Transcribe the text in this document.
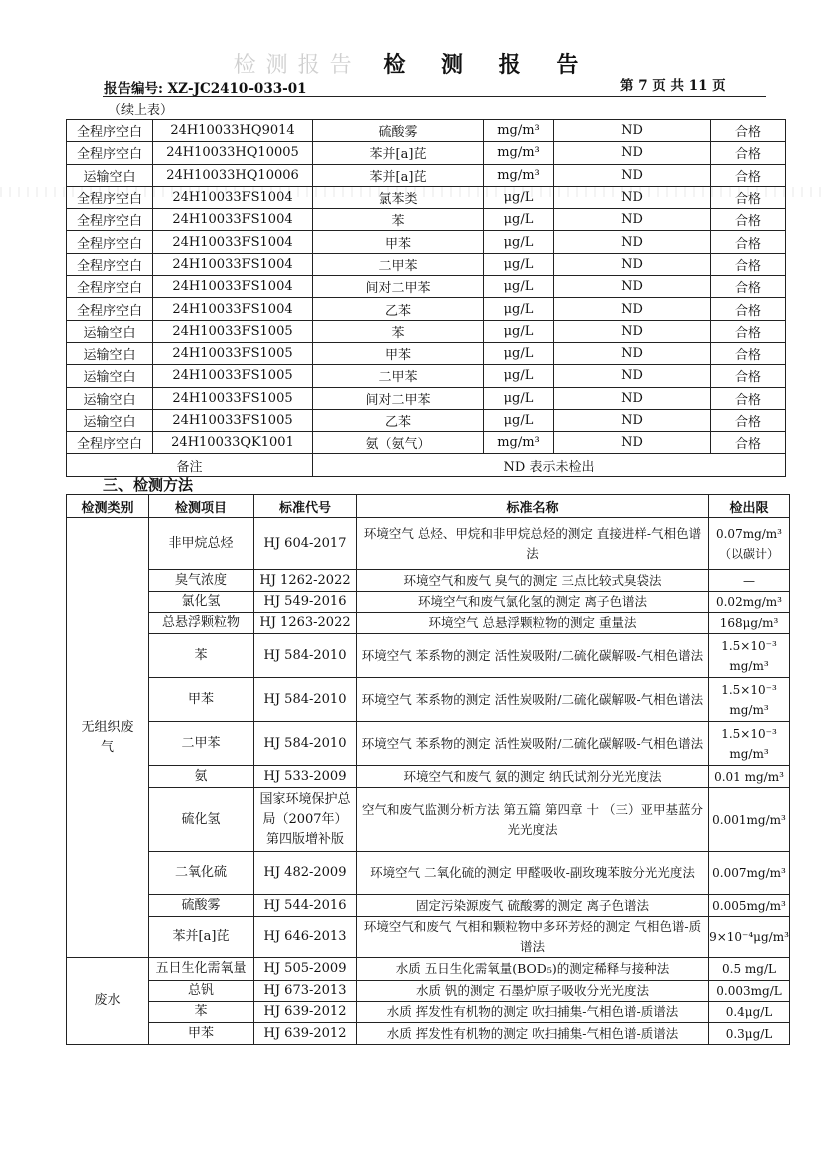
检测报告 检 测 报 告
报告编号: XZ-JC2410-033-01	第 7 页 共 11 页
（续上表）
全程序空白	24H10033HQ9014	硫酸雾	mg/m³	ND	合格
全程序空白	24H10033HQ10005	苯并[a]芘	mg/m³	ND	合格
运输空白	24H10033HQ10006	苯并[a]芘	mg/m³	ND	合格
全程序空白	24H10033FS1004	氯苯类	μg/L	ND	合格
全程序空白	24H10033FS1004	苯	μg/L	ND	合格
全程序空白	24H10033FS1004	甲苯	μg/L	ND	合格
全程序空白	24H10033FS1004	二甲苯	μg/L	ND	合格
全程序空白	24H10033FS1004	间对二甲苯	μg/L	ND	合格
全程序空白	24H10033FS1004	乙苯	μg/L	ND	合格
运输空白	24H10033FS1005	苯	μg/L	ND	合格
运输空白	24H10033FS1005	甲苯	μg/L	ND	合格
运输空白	24H10033FS1005	二甲苯	μg/L	ND	合格
运输空白	24H10033FS1005	间对二甲苯	μg/L	ND	合格
运输空白	24H10033FS1005	乙苯	μg/L	ND	合格
全程序空白	24H10033QK1001	氨（氨气）	mg/m³	ND	合格
备注		ND 表示未检出			
三、检测方法
检测类别	检测项目	标准代号	标准名称	检出限
无组织废气	非甲烷总烃	HJ 604-2017	环境空气 总烃、甲烷和非甲烷总烃的测定 直接进样-气相色谱法	0.07mg/m³
（以碳计）
	臭气浓度	HJ 1262-2022	环境空气和废气 臭气的测定 三点比较式臭袋法	—
	氯化氢	HJ 549-2016	环境空气和废气氯化氢的测定 离子色谱法	0.02mg/m³
	总悬浮颗粒物	HJ 1263-2022	环境空气 总悬浮颗粒物的测定 重量法	168μg/m³
	苯	HJ 584-2010	环境空气 苯系物的测定 活性炭吸附/二硫化碳解吸-气相色谱法	1.5×10⁻³
mg/m³
	甲苯	HJ 584-2010	环境空气 苯系物的测定 活性炭吸附/二硫化碳解吸-气相色谱法	1.5×10⁻³
mg/m³
	二甲苯	HJ 584-2010	环境空气 苯系物的测定 活性炭吸附/二硫化碳解吸-气相色谱法	1.5×10⁻³
mg/m³
	氨	HJ 533-2009	环境空气和废气 氨的测定 纳氏试剂分光光度法	0.01 mg/m³
	硫化氢	国家环境保护总局（2007年）第四版增补版	空气和废气监测分析方法 第五篇 第四章 十 （三）亚甲基蓝分光光度法	0.001mg/m³
	二氧化硫	HJ 482-2009	环境空气 二氧化硫的测定 甲醛吸收-副玫瑰苯胺分光光度法	0.007mg/m³
	硫酸雾	HJ 544-2016	固定污染源废气 硫酸雾的测定 离子色谱法	0.005mg/m³
	苯并[a]芘	HJ 646-2013	环境空气和废气 气相和颗粒物中多环芳烃的测定 气相色谱-质谱法	9×10⁻⁴μg/m³
废水	五日生化需氧量	HJ 505-2009	水质 五日生化需氧量(BOD₅)的测定稀释与接种法	0.5 mg/L
	总钒	HJ 673-2013	水质 钒的测定 石墨炉原子吸收分光光度法	0.003mg/L
	苯	HJ 639-2012	水质 挥发性有机物的测定 吹扫捕集-气相色谱-质谱法	0.4μg/L
	甲苯	HJ 639-2012	水质 挥发性有机物的测定 吹扫捕集-气相色谱-质谱法	0.3μg/L
